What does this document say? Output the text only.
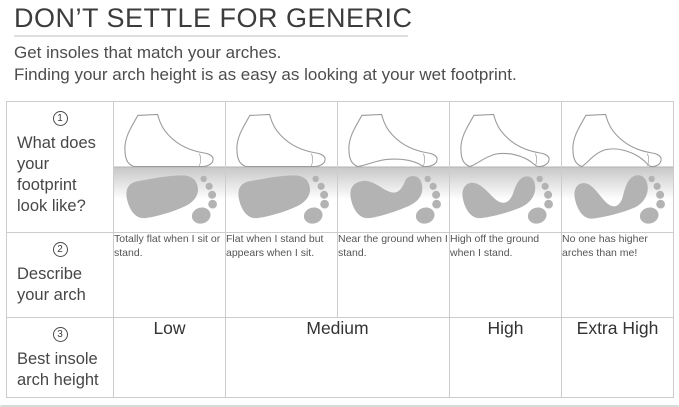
DON’T SETTLE FOR GENERIC
Get insoles that match your arches.
Finding your arch height is as easy as looking at your wet footprint.
1
What does your footprint look like?

2
Describe your arch	Totally flat when I sit or stand.	Flat when I stand but appears when I sit.	Near the ground when I stand.	High off the ground when I stand.	No one has higher arches than me!

3
Best insole arch height	Low	Medium		High	Extra High
